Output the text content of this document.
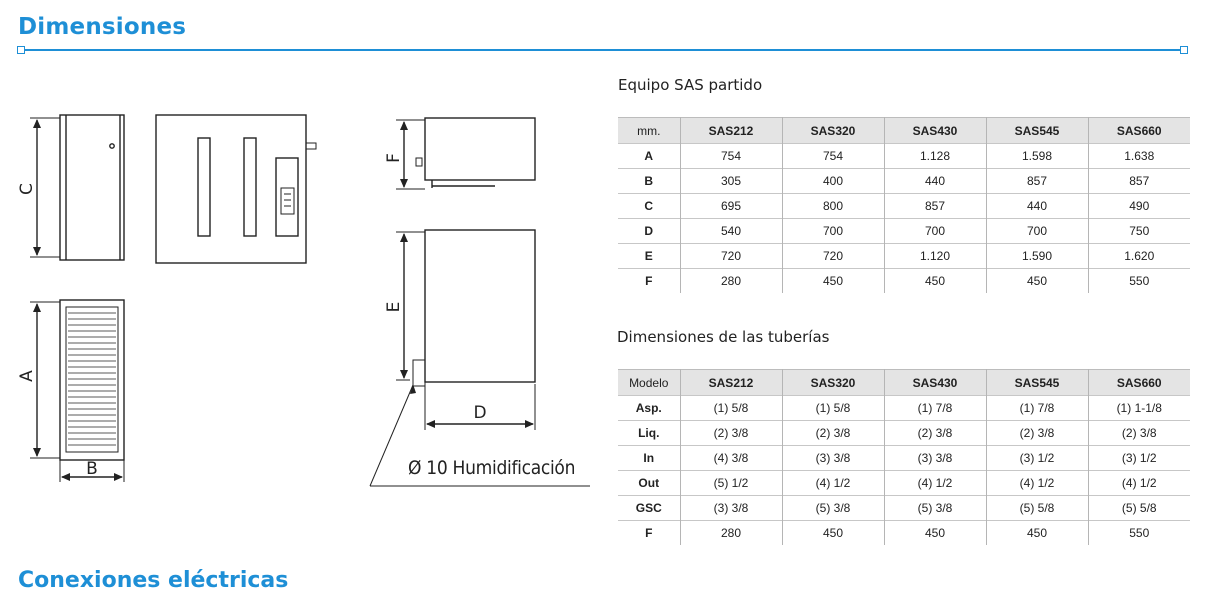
Dimensiones
C
A
B
F
E
D

Ø 10 Humidificación

Equipo SAS partido

mm.	SAS212	SAS320	SAS430	SAS545	SAS660
A	754	754	1.128	1.598	1.638
B	305	400	440	857	857
C	695	800	857	440	490
D	540	700	700	700	750
E	720	720	1.120	1.590	1.620
F	280	450	450	450	550

Dimensiones de las tuberías

Modelo	SAS212	SAS320	SAS430	SAS545	SAS660
Asp.	(1) 5/8	(1) 5/8	(1) 7/8	(1) 7/8	(1) 1-1/8
Liq.	(2) 3/8	(2) 3/8	(2) 3/8	(2) 3/8	(2) 3/8
In	(4) 3/8	(3) 3/8	(3) 3/8	(3) 1/2	(3) 1/2
Out	(5) 1/2	(4) 1/2	(4) 1/2	(4) 1/2	(4) 1/2
GSC	(3) 3/8	(5) 3/8	(5) 3/8	(5) 5/8	(5) 5/8
F	280	450	450	450	550
Conexiones eléctricas
